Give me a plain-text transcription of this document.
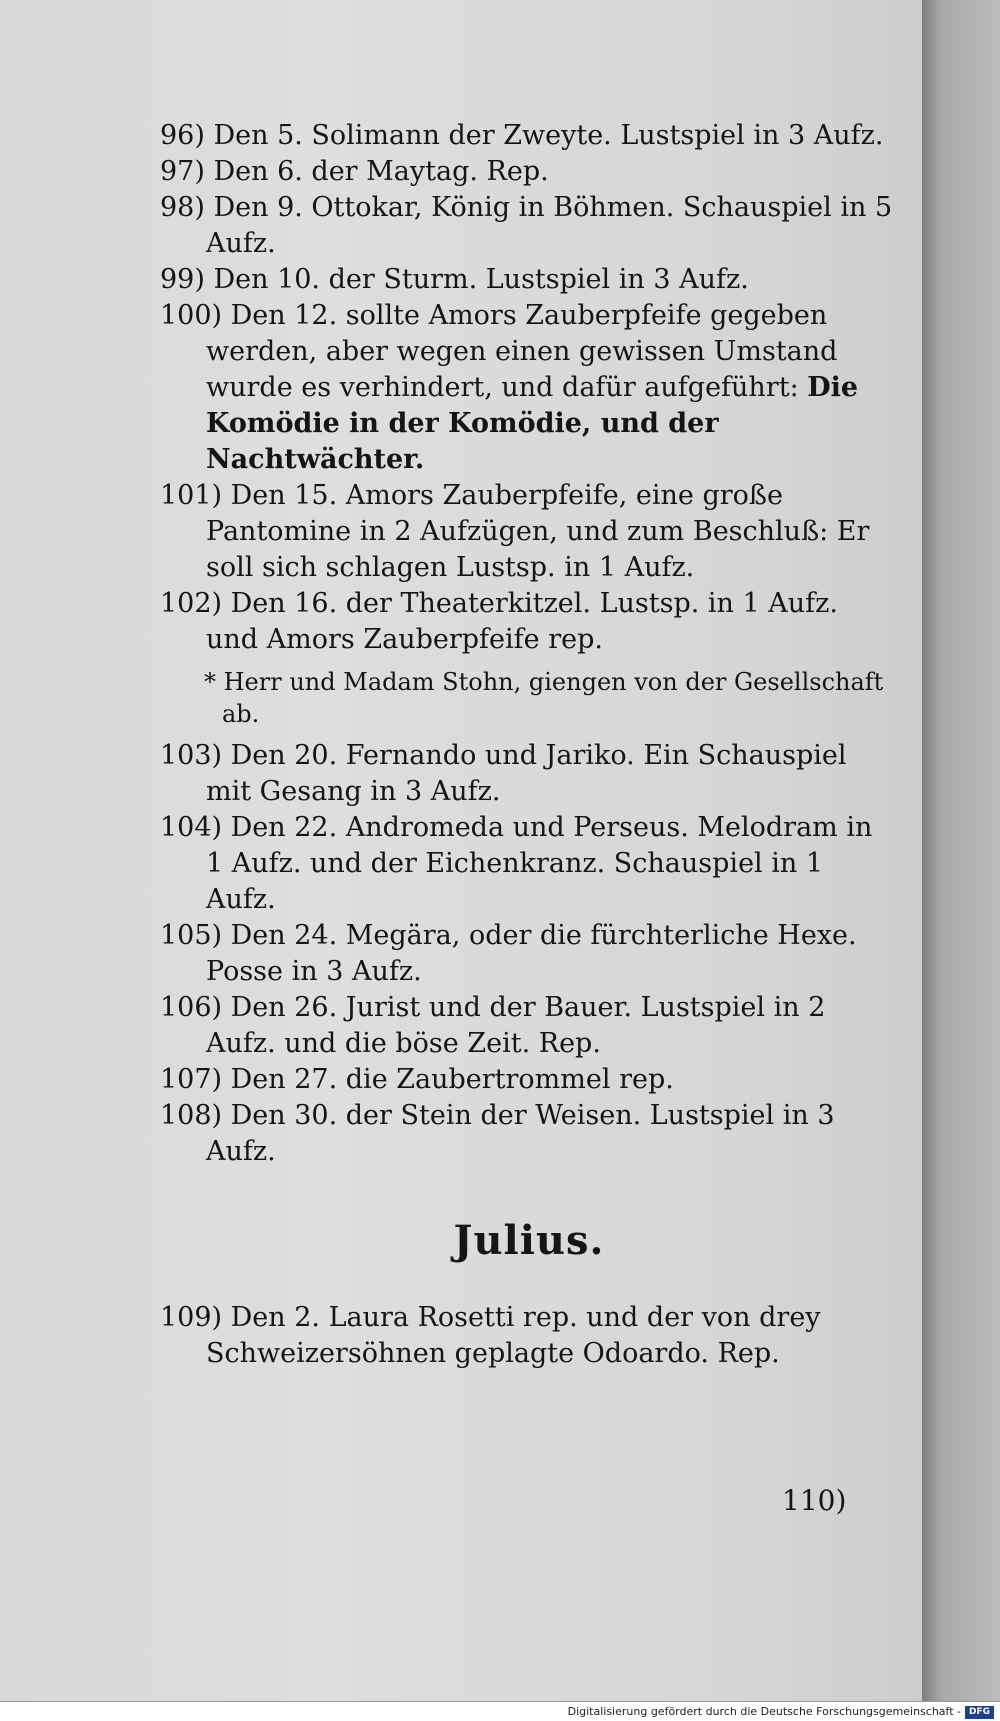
96) Den 5. Solimann der Zweyte. Lustspiel in 3 Aufz.

97) Den 6. der Maytag. Rep.

98) Den 9. Ottokar, König in Böhmen. Schauspiel in 5 Aufz.

99) Den 10. der Sturm. Lustspiel in 3 Aufz.

100) Den 12. sollte Amors Zauberpfeife gegeben werden, aber wegen einen gewissen Umstand wurde es verhindert, und dafür aufgeführt: Die Komödie in der Komödie, und der Nachtwächter.

101) Den 15. Amors Zauberpfeife, eine große Pantomine in 2 Aufzügen, und zum Beschluß: Er soll sich schlagen Lustsp. in 1 Aufz.

102) Den 16. der Theaterkitzel. Lustsp. in 1 Aufz. und Amors Zauberpfeife rep.

* Herr und Madam Stohn, giengen von der Gesellschaft ab.

103) Den 20. Fernando und Jariko. Ein Schauspiel mit Gesang in 3 Aufz.

104) Den 22. Andromeda und Perseus. Melodram in 1 Aufz. und der Eichenkranz. Schauspiel in 1 Aufz.

105) Den 24. Megära, oder die fürchterliche Hexe. Posse in 3 Aufz.

106) Den 26. Jurist und der Bauer. Lustspiel in 2 Aufz. und die böse Zeit. Rep.

107) Den 27. die Zaubertrommel rep.

108) Den 30. der Stein der Weisen. Lustspiel in 3 Aufz.

Julius.

109) Den 2. Laura Rosetti rep. und der von drey Schweizersöhnen geplagte Odoardo. Rep.

110)
Digitalisierung gefördert durch die Deutsche Forschungsgemeinschaft - DFG
